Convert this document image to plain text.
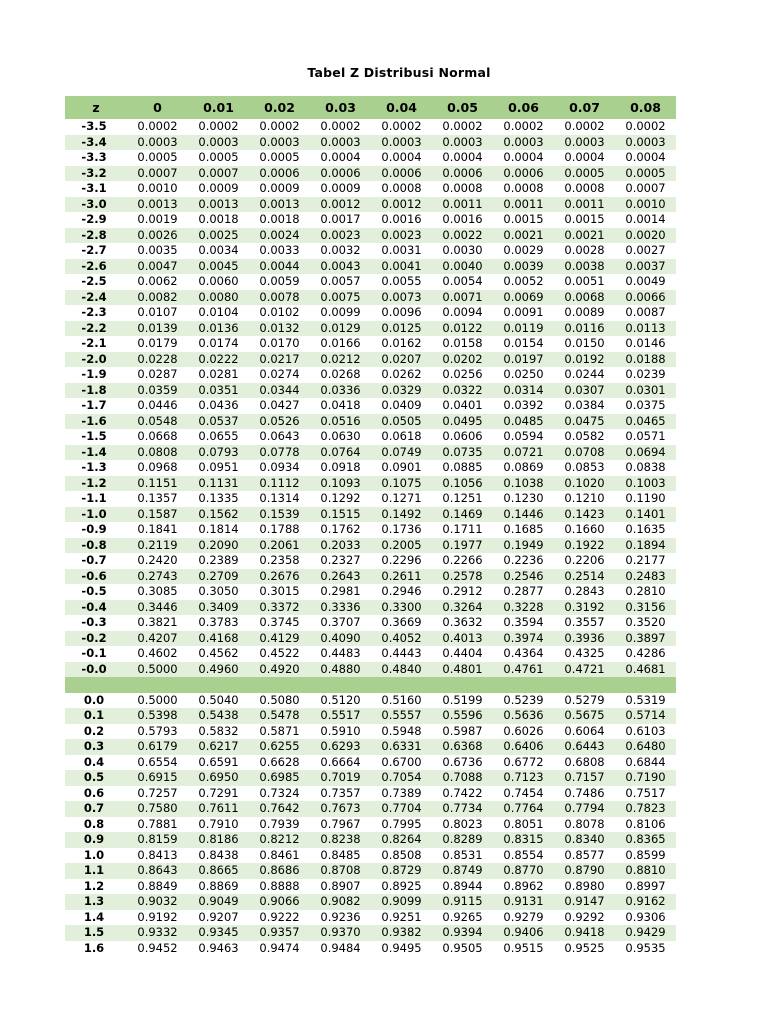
Tabel Z Distribusi Normal
z	0	0.01	0.02	0.03	0.04	0.05	0.06	0.07	0.08
-3.5	0.0002	0.0002	0.0002	0.0002	0.0002	0.0002	0.0002	0.0002	0.0002
-3.4	0.0003	0.0003	0.0003	0.0003	0.0003	0.0003	0.0003	0.0003	0.0003
-3.3	0.0005	0.0005	0.0005	0.0004	0.0004	0.0004	0.0004	0.0004	0.0004
-3.2	0.0007	0.0007	0.0006	0.0006	0.0006	0.0006	0.0006	0.0005	0.0005
-3.1	0.0010	0.0009	0.0009	0.0009	0.0008	0.0008	0.0008	0.0008	0.0007
-3.0	0.0013	0.0013	0.0013	0.0012	0.0012	0.0011	0.0011	0.0011	0.0010
-2.9	0.0019	0.0018	0.0018	0.0017	0.0016	0.0016	0.0015	0.0015	0.0014
-2.8	0.0026	0.0025	0.0024	0.0023	0.0023	0.0022	0.0021	0.0021	0.0020
-2.7	0.0035	0.0034	0.0033	0.0032	0.0031	0.0030	0.0029	0.0028	0.0027
-2.6	0.0047	0.0045	0.0044	0.0043	0.0041	0.0040	0.0039	0.0038	0.0037
-2.5	0.0062	0.0060	0.0059	0.0057	0.0055	0.0054	0.0052	0.0051	0.0049
-2.4	0.0082	0.0080	0.0078	0.0075	0.0073	0.0071	0.0069	0.0068	0.0066
-2.3	0.0107	0.0104	0.0102	0.0099	0.0096	0.0094	0.0091	0.0089	0.0087
-2.2	0.0139	0.0136	0.0132	0.0129	0.0125	0.0122	0.0119	0.0116	0.0113
-2.1	0.0179	0.0174	0.0170	0.0166	0.0162	0.0158	0.0154	0.0150	0.0146
-2.0	0.0228	0.0222	0.0217	0.0212	0.0207	0.0202	0.0197	0.0192	0.0188
-1.9	0.0287	0.0281	0.0274	0.0268	0.0262	0.0256	0.0250	0.0244	0.0239
-1.8	0.0359	0.0351	0.0344	0.0336	0.0329	0.0322	0.0314	0.0307	0.0301
-1.7	0.0446	0.0436	0.0427	0.0418	0.0409	0.0401	0.0392	0.0384	0.0375
-1.6	0.0548	0.0537	0.0526	0.0516	0.0505	0.0495	0.0485	0.0475	0.0465
-1.5	0.0668	0.0655	0.0643	0.0630	0.0618	0.0606	0.0594	0.0582	0.0571
-1.4	0.0808	0.0793	0.0778	0.0764	0.0749	0.0735	0.0721	0.0708	0.0694
-1.3	0.0968	0.0951	0.0934	0.0918	0.0901	0.0885	0.0869	0.0853	0.0838
-1.2	0.1151	0.1131	0.1112	0.1093	0.1075	0.1056	0.1038	0.1020	0.1003
-1.1	0.1357	0.1335	0.1314	0.1292	0.1271	0.1251	0.1230	0.1210	0.1190
-1.0	0.1587	0.1562	0.1539	0.1515	0.1492	0.1469	0.1446	0.1423	0.1401
-0.9	0.1841	0.1814	0.1788	0.1762	0.1736	0.1711	0.1685	0.1660	0.1635
-0.8	0.2119	0.2090	0.2061	0.2033	0.2005	0.1977	0.1949	0.1922	0.1894
-0.7	0.2420	0.2389	0.2358	0.2327	0.2296	0.2266	0.2236	0.2206	0.2177
-0.6	0.2743	0.2709	0.2676	0.2643	0.2611	0.2578	0.2546	0.2514	0.2483
-0.5	0.3085	0.3050	0.3015	0.2981	0.2946	0.2912	0.2877	0.2843	0.2810
-0.4	0.3446	0.3409	0.3372	0.3336	0.3300	0.3264	0.3228	0.3192	0.3156
-0.3	0.3821	0.3783	0.3745	0.3707	0.3669	0.3632	0.3594	0.3557	0.3520
-0.2	0.4207	0.4168	0.4129	0.4090	0.4052	0.4013	0.3974	0.3936	0.3897
-0.1	0.4602	0.4562	0.4522	0.4483	0.4443	0.4404	0.4364	0.4325	0.4286
-0.0	0.5000	0.4960	0.4920	0.4880	0.4840	0.4801	0.4761	0.4721	0.4681

0.0	0.5000	0.5040	0.5080	0.5120	0.5160	0.5199	0.5239	0.5279	0.5319
0.1	0.5398	0.5438	0.5478	0.5517	0.5557	0.5596	0.5636	0.5675	0.5714
0.2	0.5793	0.5832	0.5871	0.5910	0.5948	0.5987	0.6026	0.6064	0.6103
0.3	0.6179	0.6217	0.6255	0.6293	0.6331	0.6368	0.6406	0.6443	0.6480
0.4	0.6554	0.6591	0.6628	0.6664	0.6700	0.6736	0.6772	0.6808	0.6844
0.5	0.6915	0.6950	0.6985	0.7019	0.7054	0.7088	0.7123	0.7157	0.7190
0.6	0.7257	0.7291	0.7324	0.7357	0.7389	0.7422	0.7454	0.7486	0.7517
0.7	0.7580	0.7611	0.7642	0.7673	0.7704	0.7734	0.7764	0.7794	0.7823
0.8	0.7881	0.7910	0.7939	0.7967	0.7995	0.8023	0.8051	0.8078	0.8106
0.9	0.8159	0.8186	0.8212	0.8238	0.8264	0.8289	0.8315	0.8340	0.8365
1.0	0.8413	0.8438	0.8461	0.8485	0.8508	0.8531	0.8554	0.8577	0.8599
1.1	0.8643	0.8665	0.8686	0.8708	0.8729	0.8749	0.8770	0.8790	0.8810
1.2	0.8849	0.8869	0.8888	0.8907	0.8925	0.8944	0.8962	0.8980	0.8997
1.3	0.9032	0.9049	0.9066	0.9082	0.9099	0.9115	0.9131	0.9147	0.9162
1.4	0.9192	0.9207	0.9222	0.9236	0.9251	0.9265	0.9279	0.9292	0.9306
1.5	0.9332	0.9345	0.9357	0.9370	0.9382	0.9394	0.9406	0.9418	0.9429
1.6	0.9452	0.9463	0.9474	0.9484	0.9495	0.9505	0.9515	0.9525	0.9535
